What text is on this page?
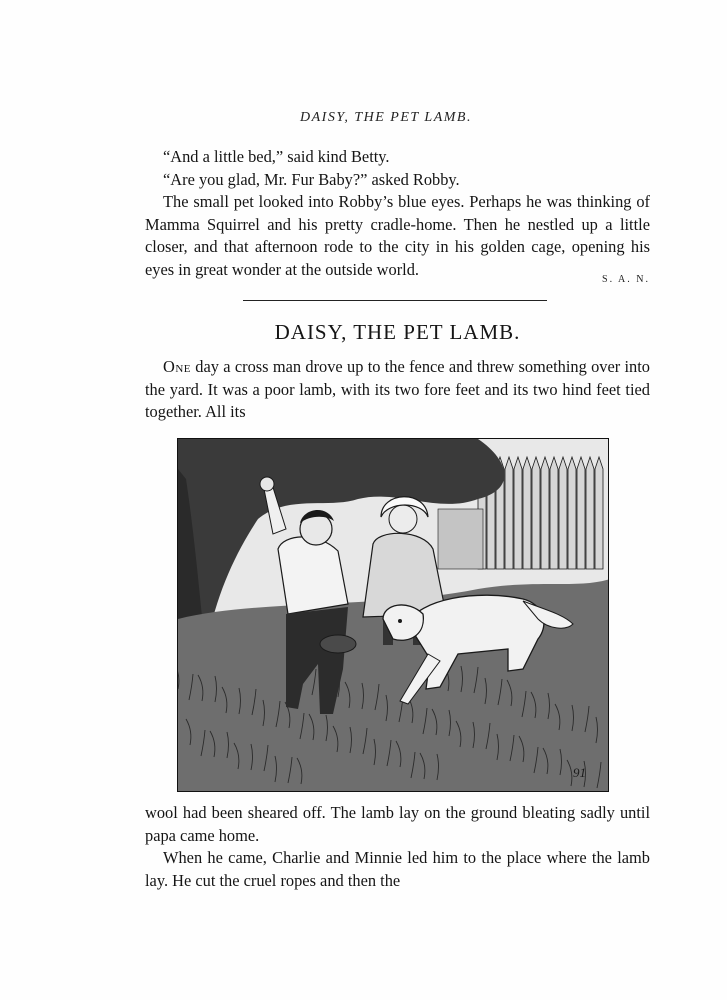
DAISY, THE PET LAMB.

“And a little bed,” said kind Betty.

“Are you glad, Mr. Fur Baby?” asked Robby.

The small pet looked into Robby’s blue eyes. Perhaps he was thinking of Mamma Squirrel and his pretty cradle-home. Then he nestled up a little closer, and that afternoon rode to the city in his golden cage, opening his eyes in great wonder at the outside world.

S. A. N.
DAISY, THE PET LAMB.

One day a cross man drove up to the fence and threw something over into the yard. It was a poor lamb, with its two fore feet and its two hind feet tied together. All its

91

wool had been sheared off. The lamb lay on the ground bleating sadly until papa came home.

When he came, Charlie and Minnie led him to the place where the lamb lay. He cut the cruel ropes and then the
